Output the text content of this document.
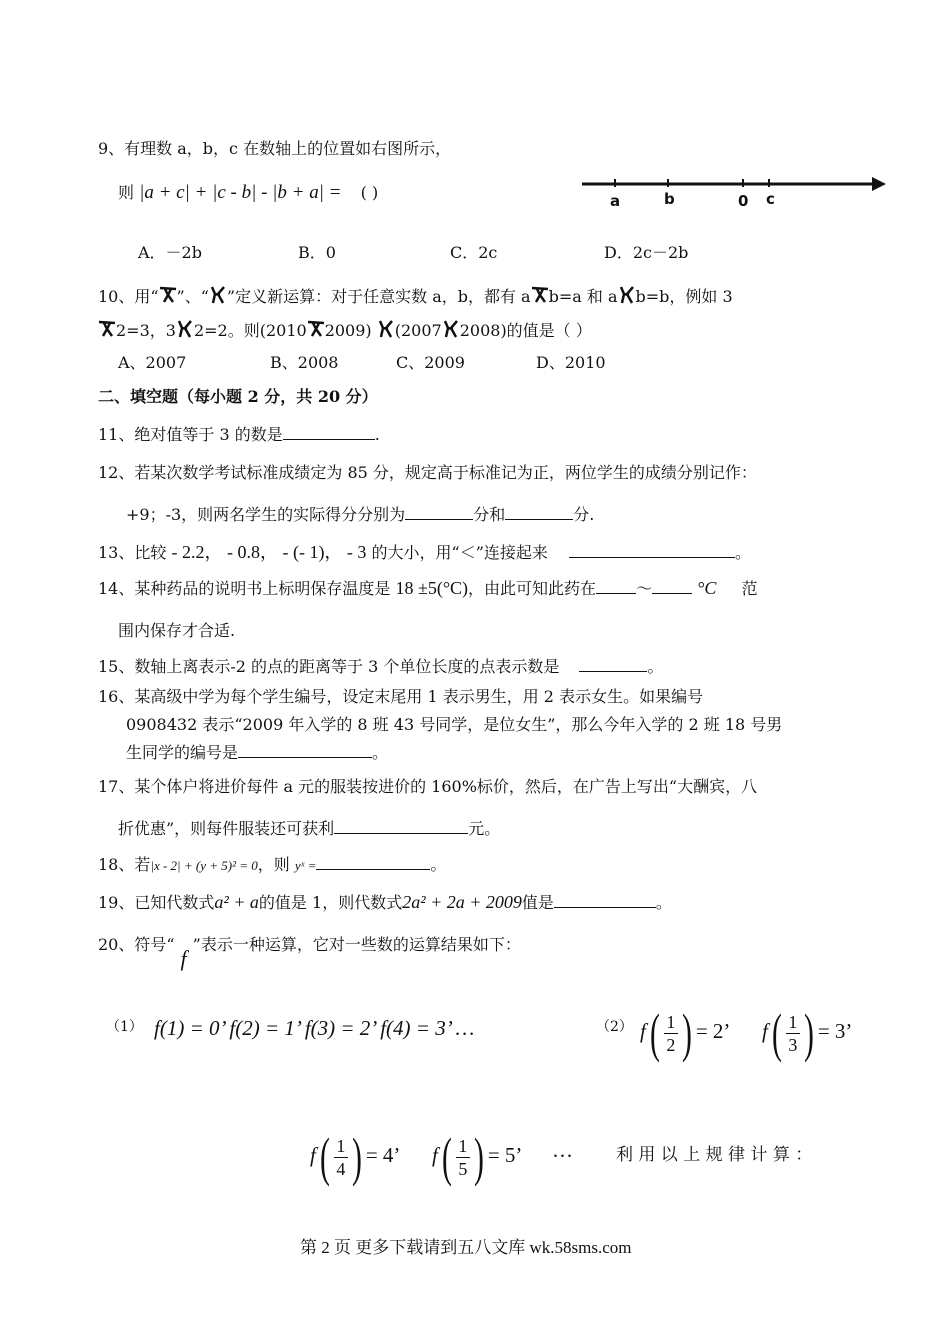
9、有理数 a，b，c 在数轴上的位置如右图所示，
则 |a + c| + |c - b| - |b + a| = ( )	a	b	0 c
A．－2b	B．0	C．2c	D．2c－2b
10、用“ ”、“ ”定义新运算：对于任意实数 a，b，都有 a b=a 和 a b=b，例如 3
2=3，3 2=2。则(2010 2009) (2007 2008)的值是（ ）
A、2007	B、2008	C、2009	D、2010
二、填空题（每小题 2 分，共 20 分）
11、绝对值等于 3 的数是	.
12、若某次数学考试标准成绩定为 85 分，规定高于标准记为正，两位学生的成绩分别记作：
+9；-3，则两名学生的实际得分分别为	分和	分.
13、比较 - 2.2， - 0.8， - (- 1)， - 3 的大小，用“＜”连接起来	。
14、某种药品的说明书上标明保存温度是 18 ±5(°C)，由此可知此药在	～	°C 范
围内保存才合适.
15、数轴上离表示-2 的点的距离等于 3 个单位长度的点表示数是	。
16、某高级中学为每个学生编号，设定末尾用 1 表示男生，用 2 表示女生。如果编号
0908432 表示“2009 年入学的 8 班 43 号同学，是位女生”，那么今年入学的 2 班 18 号男
生同学的编号是	。
17、某个体户将进价每件 a 元的服装按进价的 160%标价，然后，在广告上写出“大酬宾，八
折优惠”，则每件服装还可获利	元。
18、若|x - 2| + (y + 5)² = 0，则 yˣ =	。
19、已知代数式a² + a的值是 1，则代数式2a² + 2a + 2009值是	。
20、符号“f”表示一种运算，它对一些数的运算结果如下：
（1） f(1) = 0’ f(2) = 1’ f(3) = 2’ f(4) = 3’ …	（2） $f( \frac{1}{2}$ ) = 2’ $f( \frac{1}{3}$ ) = 3’
$f( \frac{1}{4}$ ) = 4’ $f( \frac{1}{5}$ ) = 5’ …	利 用 以 上 规 律 计 算 ：
第 2 页 更多下载请到五八文库 wk.58sms.com
